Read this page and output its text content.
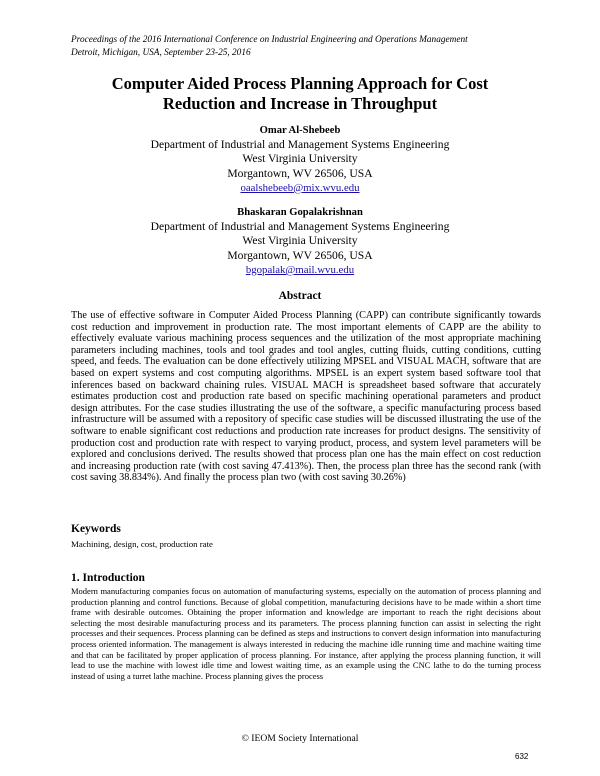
Proceedings of the 2016 International Conference on Industrial Engineering and Operations Management
Detroit, Michigan, USA, September 23-25, 2016
Computer Aided Process Planning Approach for Cost
Reduction and Increase in Throughput
Omar Al-Shebeeb
Department of Industrial and Management Systems Engineering
West Virginia University
Morgantown, WV 26506, USA
oaalshebeeb@mix.wvu.edu
Bhaskaran Gopalakrishnan
Department of Industrial and Management Systems Engineering
West Virginia University
Morgantown, WV 26506, USA
bgopalak@mail.wvu.edu
Abstract
The use of effective software in Computer Aided Process Planning (CAPP) can contribute significantly towards cost reduction and improvement in production rate. The most important elements of CAPP are the ability to effectively evaluate various machining process sequences and the utilization of the most appropriate machining parameters including machines, tools and tool grades and tool angles, cutting fluids, cutting conditions, cutting speed, and feeds. The evaluation can be done effectively utilizing MPSEL and VISUAL MACH, software that are based on expert systems and cost computing algorithms. MPSEL is an expert system based software tool that inferences based on backward chaining rules. VISUAL MACH is spreadsheet based software that accurately estimates production cost and production rate based on specific machining operational parameters and product design attributes. For the case studies illustrating the use of the software, a specific manufacturing process based infrastructure will be assumed with a repository of specific case studies will be discussed illustrating the use of the software to enable significant cost reductions and production rate increases for product designs. The sensitivity of production cost and production rate with respect to varying product, process, and system level parameters will be explored and conclusions derived. The results showed that process plan one has the main effect on cost reduction and increasing production rate (with cost saving 47.413%). Then, the process plan three has the second rank (with cost saving 38.834%). And finally the process plan two (with cost saving 30.26%)
Keywords
Machining, design, cost, production rate
1. Introduction
Modern manufacturing companies focus on automation of manufacturing systems, especially on the automation of process planning and production planning and control functions. Because of global competition, manufacturing decisions have to be made within a short time frame with desirable outcomes. Obtaining the proper information and knowledge are important to reach the right decisions about selecting the most desirable manufacturing process and its parameters. The process planning function can assist in selecting the right processes and their sequences. Process planning can be defined as steps and instructions to convert design information into manufacturing process oriented information. The management is always interested in reducing the machine idle running time and machine waiting time and that can be facilitated by proper application of process planning. For instance, after applying the process planning function, it will lead to use the machine with lowest idle time and lowest waiting time, as an example using the CNC lathe to do the turning process instead of using a turret lathe machine. Process planning gives the process
© IEOM Society International
632
